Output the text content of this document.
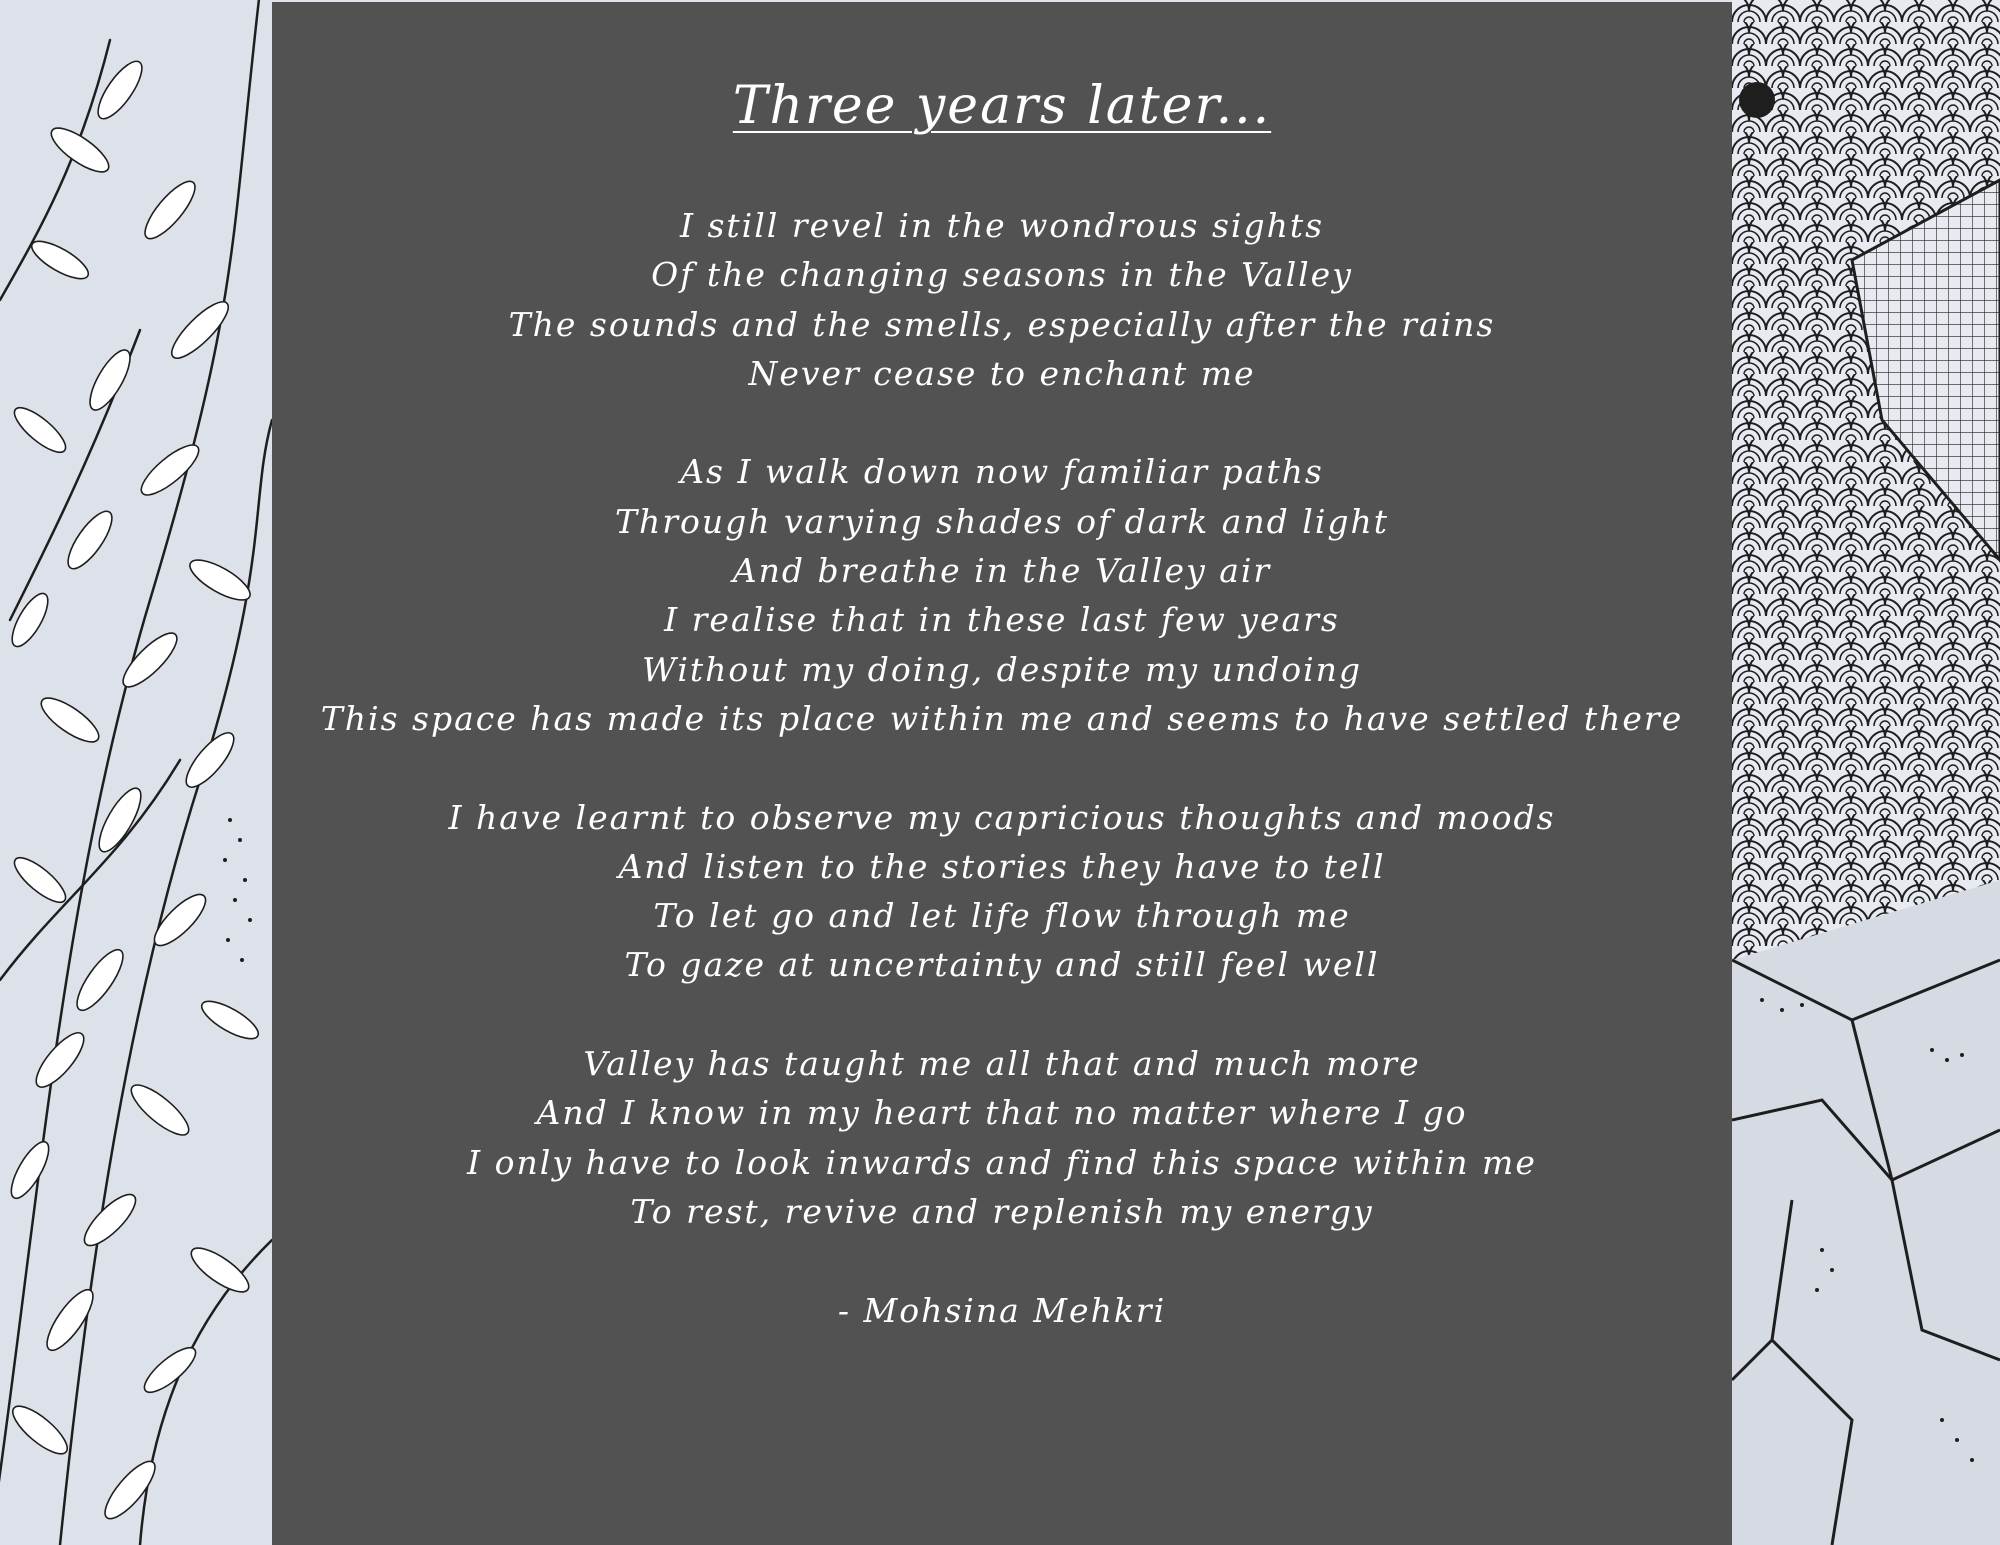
Three years later...
I still revel in the wondrous sights
Of the changing seasons in the Valley
The sounds and the smells, especially after the rains
Never cease to enchant me
As I walk down now familiar paths
Through varying shades of dark and light
And breathe in the Valley air
I realise that in these last few years
Without my doing, despite my undoing
This space has made its place within me and seems to have settled there
I have learnt to observe my capricious thoughts and moods
And listen to the stories they have to tell
To let go and let life flow through me
To gaze at uncertainty and still feel well
Valley has taught me all that and much more
And I know in my heart that no matter where I go
I only have to look inwards and find this space within me
To rest, revive and replenish my energy
- Mohsina Mehkri
